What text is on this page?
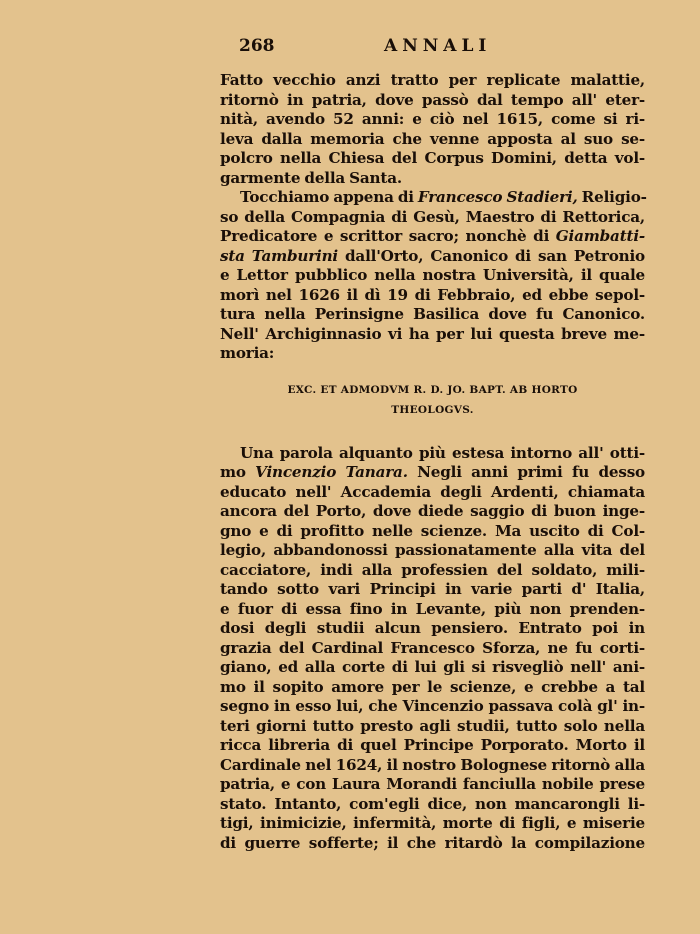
268	ANNALI
Fatto vecchio anzi tratto per replicate malattie,
ritornò in patria, dove passò dal tempo all' eter-
nità, avendo 52 anni: e ciò nel 1615, come si ri-
leva dalla memoria che venne apposta al suo se-
polcro nella Chiesa del Corpus Domini, detta vol-
garmente della Santa.
Tocchiamo appena di Francesco Stadieri, Religio-
so della Compagnia di Gesù, Maestro di Rettorica,
Predicatore e scrittor sacro; nonchè di Giambatti-
sta Tamburini dall'Orto, Canonico di san Petronio
e Lettor pubblico nella nostra Università, il quale
morì nel 1626 il dì 19 di Febbraio, ed ebbe sepol-
tura nella Perinsigne Basilica dove fu Canonico.
Nell' Archiginnasio vi ha per lui questa breve me-
moria:
EXC. ET ADMODVM R. D. JO. BAPT. AB HORTO
THEOLOGVS.
Una parola alquanto più estesa intorno all' otti-
mo Vincenzio Tanara. Negli anni primi fu desso
educato nell' Accademia degli Ardenti, chiamata
ancora del Porto, dove diede saggio di buon inge-
gno e di profitto nelle scienze. Ma uscito di Col-
legio, abbandonossi passionatamente alla vita del
cacciatore, indi alla professien del soldato, mili-
tando sotto vari Principi in varie parti d' Italia,
e fuor di essa fino in Levante, più non prenden-
dosi degli studii alcun pensiero. Entrato poi in
grazia del Cardinal Francesco Sforza, ne fu corti-
giano, ed alla corte di lui gli si risvegliò nell' ani-
mo il sopito amore per le scienze, e crebbe a tal
segno in esso lui, che Vincenzio passava colà gl' in-
teri giorni tutto presto agli studii, tutto solo nella
ricca libreria di quel Principe Porporato. Morto il
Cardinale nel 1624, il nostro Bolognese ritornò alla
patria, e con Laura Morandi fanciulla nobile prese
stato. Intanto, com'egli dice, non mancarongli li-
tigi, inimicizie, infermità, morte di figli, e miserie
di guerre sofferte; il che ritardò la compilazione
